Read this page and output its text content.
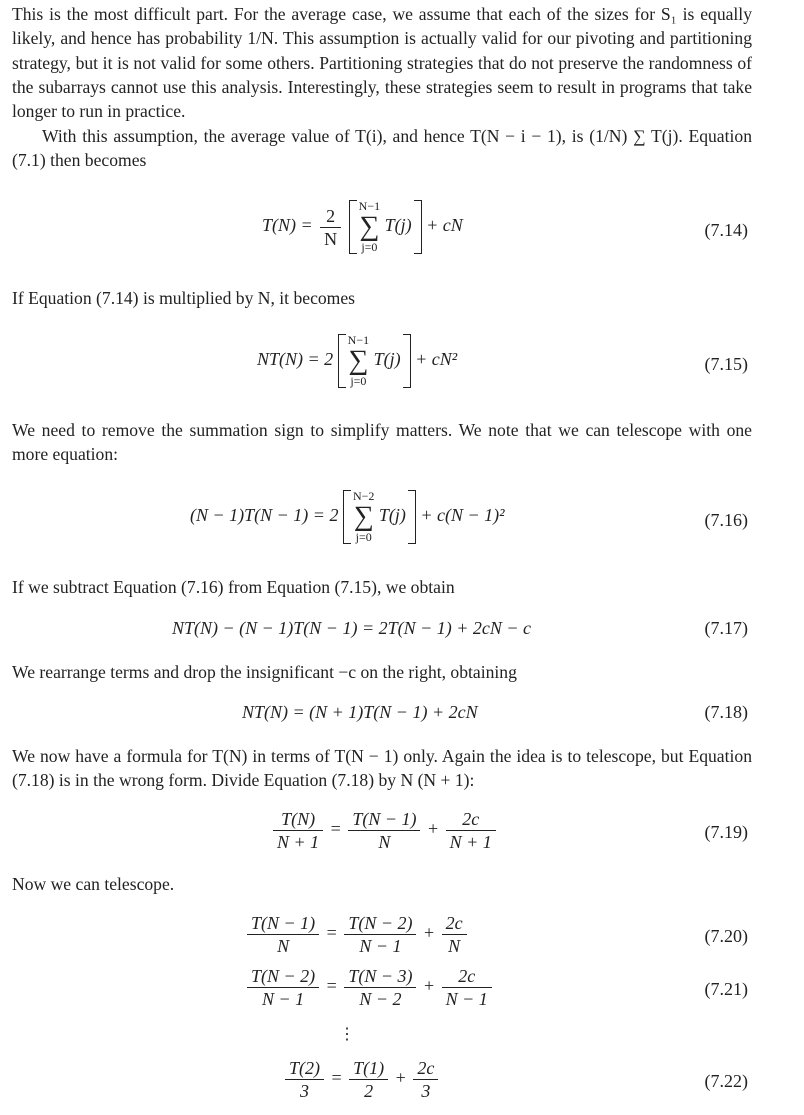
This is the most difficult part. For the average case, we assume that each of the sizes for S₁ is equally likely, and hence has probability 1/N. This assumption is actually valid for our pivoting and partitioning strategy, but it is not valid for some others. Partitioning strategies that do not preserve the randomness of the subarrays cannot use this analysis. Interestingly, these strategies seem to result in programs that take longer to run in practice.

With this assumption, the average value of T(i), and hence T(N − i − 1), is (1/N) ∑ T(j). Equation (7.1) then becomes

$T(N) = \frac{2}{N}$
N−1
∑
j=0
T(j) + cN	(7.14)

If Equation (7.14) is multiplied by N, it becomes

NT(N) = 2
N−1
∑
j=0
T(j) + cN²	(7.15)

We need to remove the summation sign to simplify matters. We note that we can telescope with one more equation:

(N − 1)T(N − 1) = 2
N−2
∑
j=0
T(j) + c(N − 1)²	(7.16)

If we subtract Equation (7.16) from Equation (7.15), we obtain

NT(N) − (N − 1)T(N − 1) = 2T(N − 1) + 2cN − c	(7.17)

We rearrange terms and drop the insignificant −c on the right, obtaining

NT(N) = (N + 1)T(N − 1) + 2cN	(7.18)

We now have a formula for T(N) in terms of T(N − 1) only. Again the idea is to telescope, but Equation (7.18) is in the wrong form. Divide Equation (7.18) by N (N + 1):

$\frac{T(N)}{N + 1} = \frac{T(N - 1)}{N} + \frac{2c}{N + 1}$	(7.19)

Now we can telescope.

$\frac{T(N - 1)}{N} = \frac{T(N - 2)}{N - 1} + \frac{2c}{N}$	(7.20)
$\frac{T(N - 2)}{N - 1} = \frac{T(N - 3)}{N - 2} + \frac{2c}{N - 1}$	(7.21)
⋮
$\frac{T(2)}{3} = \frac{T(1)}{2} + \frac{2c}{3}$	(7.22)
